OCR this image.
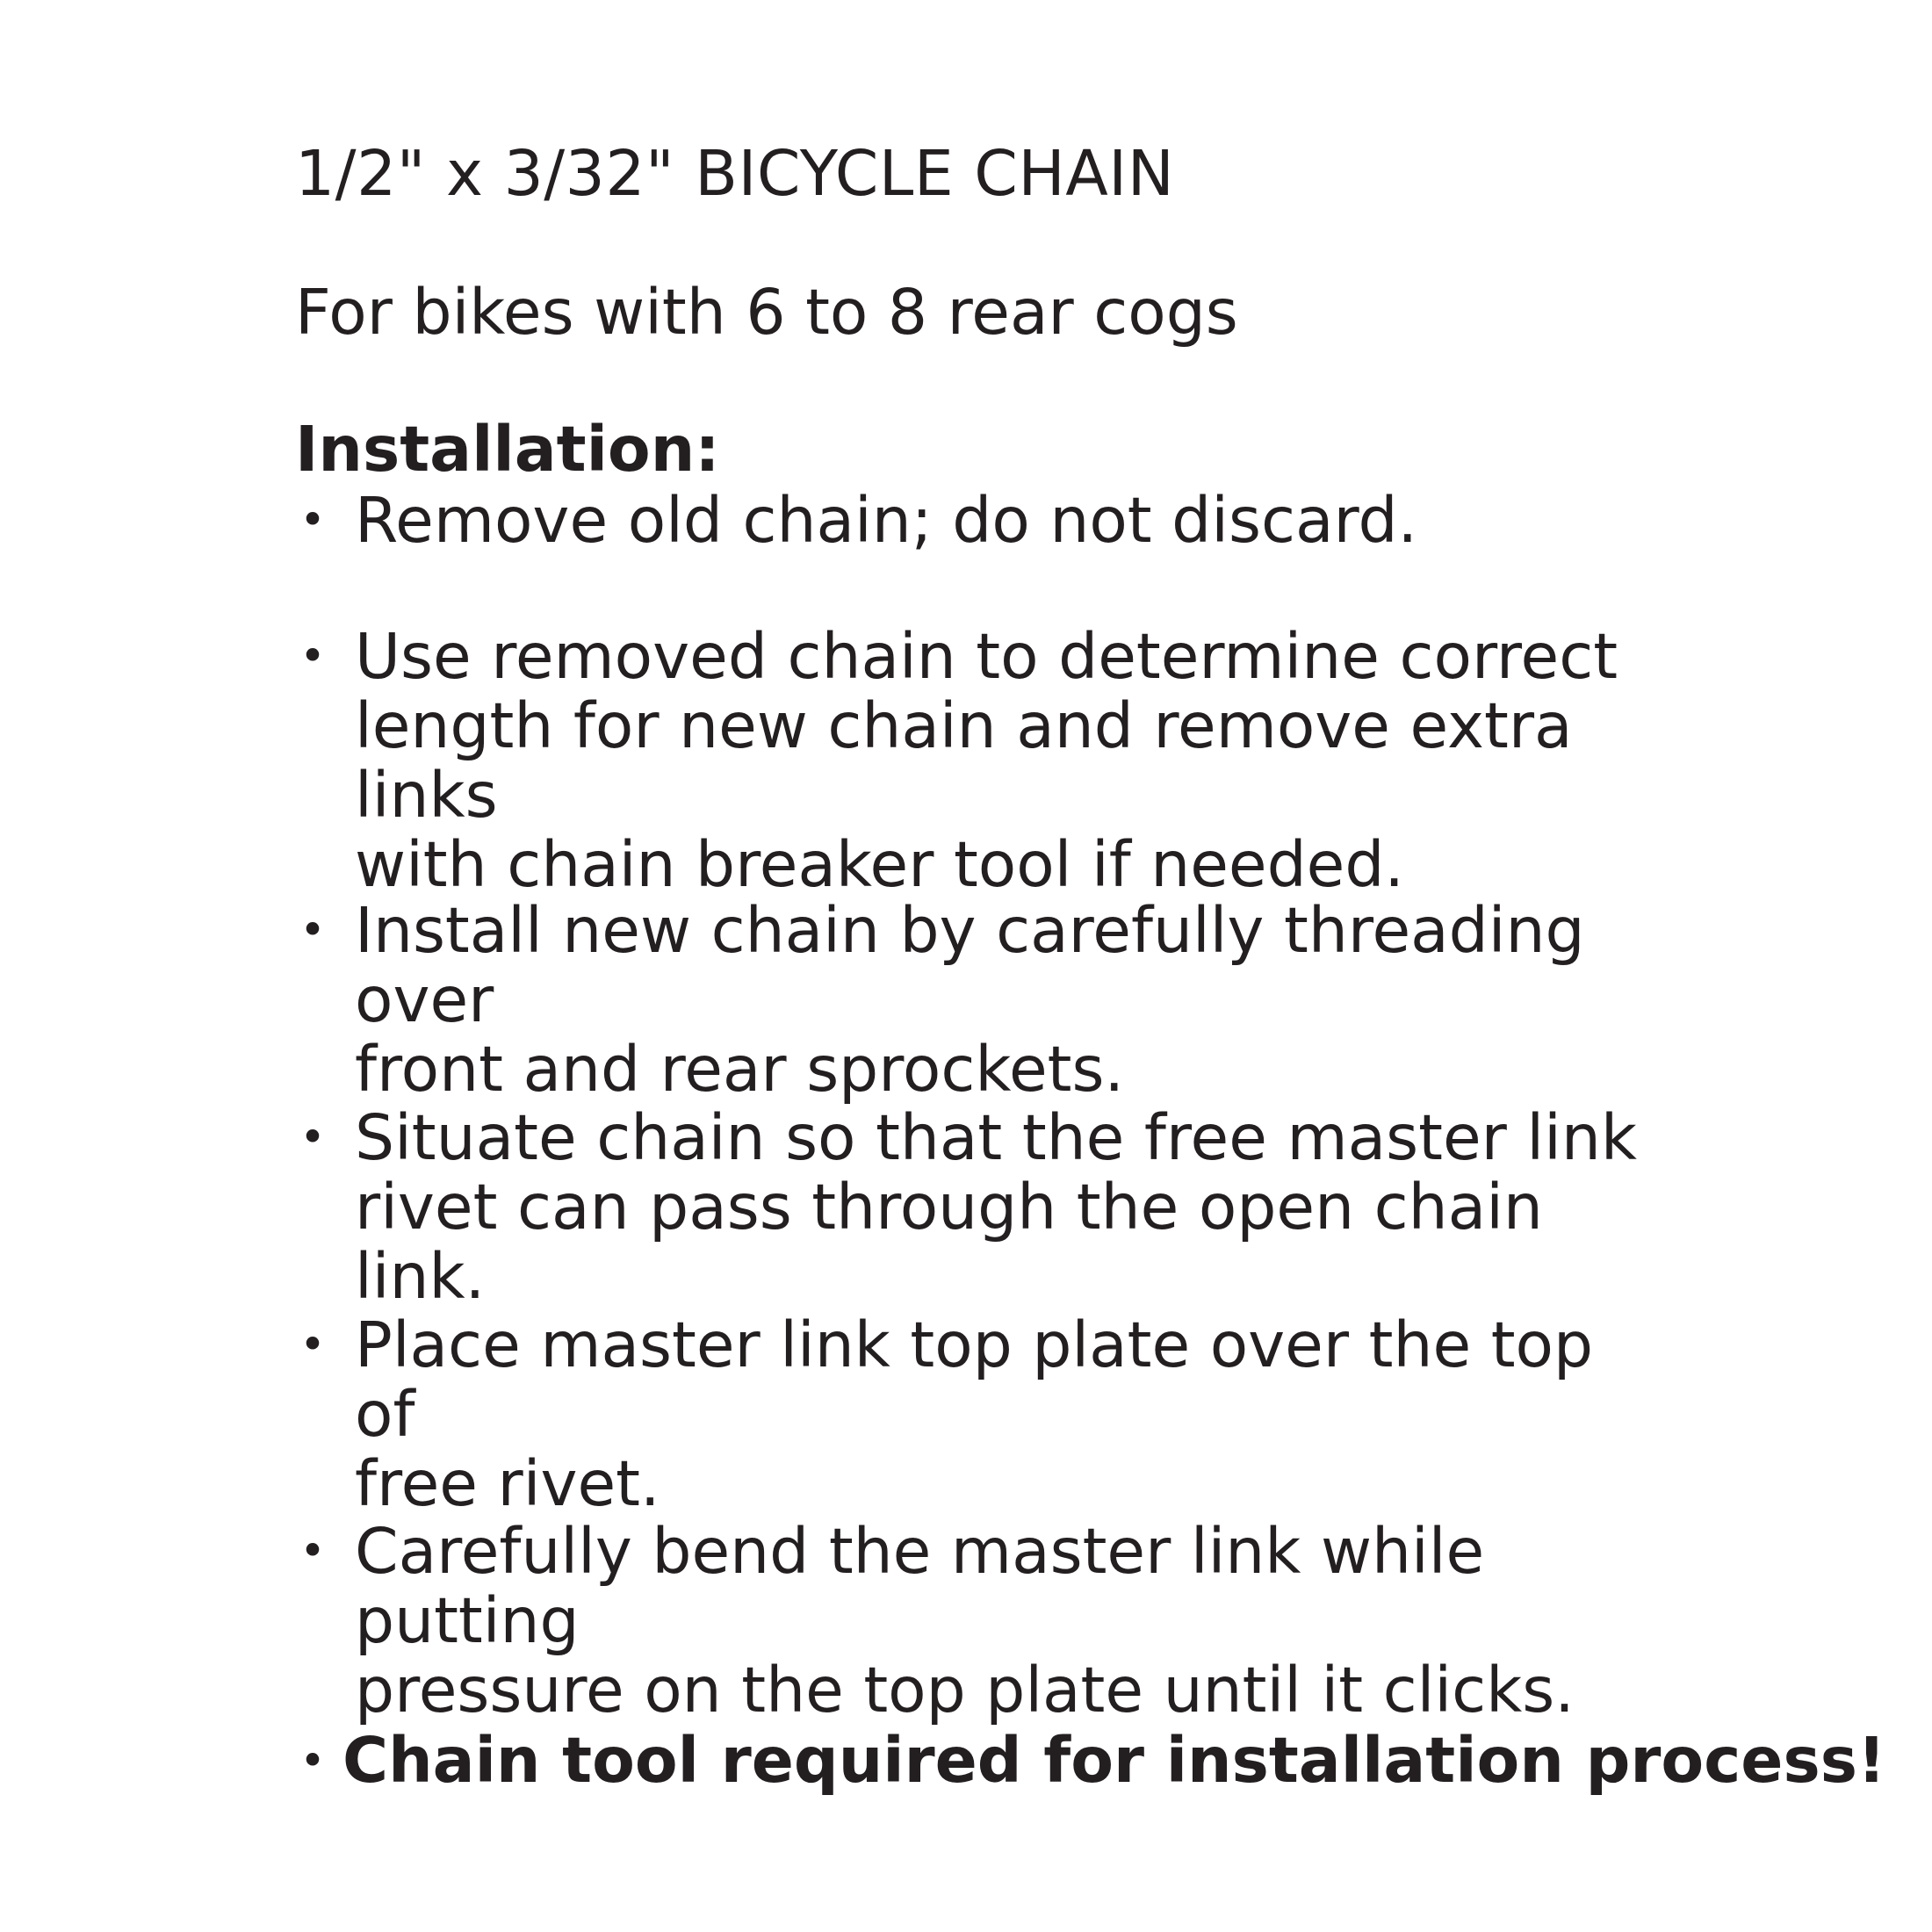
1/2" x 3/32" BICYCLE CHAIN
For bikes with 6 to 8 rear cogs
Installation:
• Remove old chain; do not discard.
• Use removed chain to determine correct
length for new chain and remove extra links
with chain breaker tool if needed.
• Install new chain by carefully threading over
front and rear sprockets.
• Situate chain so that the free master link
rivet can pass through the open chain link.
• Place master link top plate over the top of
free rivet.
• Carefully bend the master link while putting
pressure on the top plate until it clicks.
• Chain tool required for installation process!
